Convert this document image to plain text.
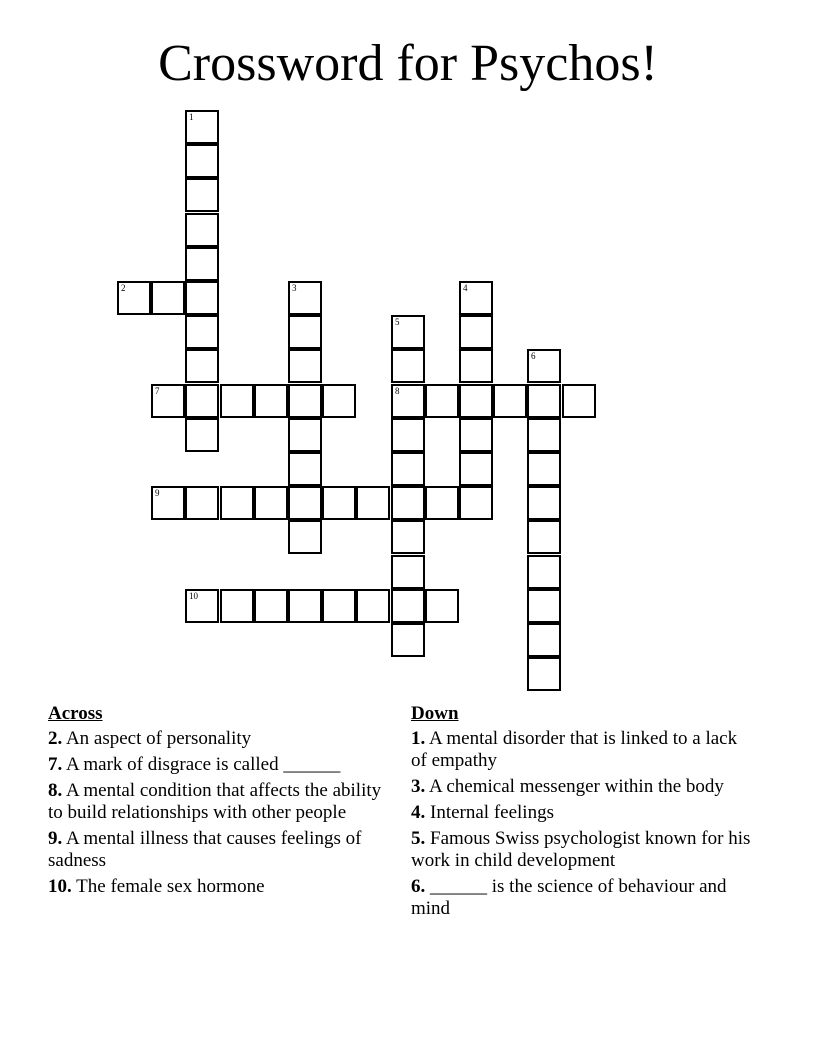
Crossword for Psychos!
1
2	3	4
5
8
6
7
9
10
Across
2. An aspect of personality
7. A mark of disgrace is called ______
8. A mental condition that affects the ability to build relationships with other people
9. A mental illness that causes feelings of sadness
10. The female sex hormone
Down
1. A mental disorder that is linked to a lack of empathy
3. A chemical messenger within the body
4. Internal feelings
5. Famous Swiss psychologist known for his work in child development
6. ______ is the science of behaviour and mind
